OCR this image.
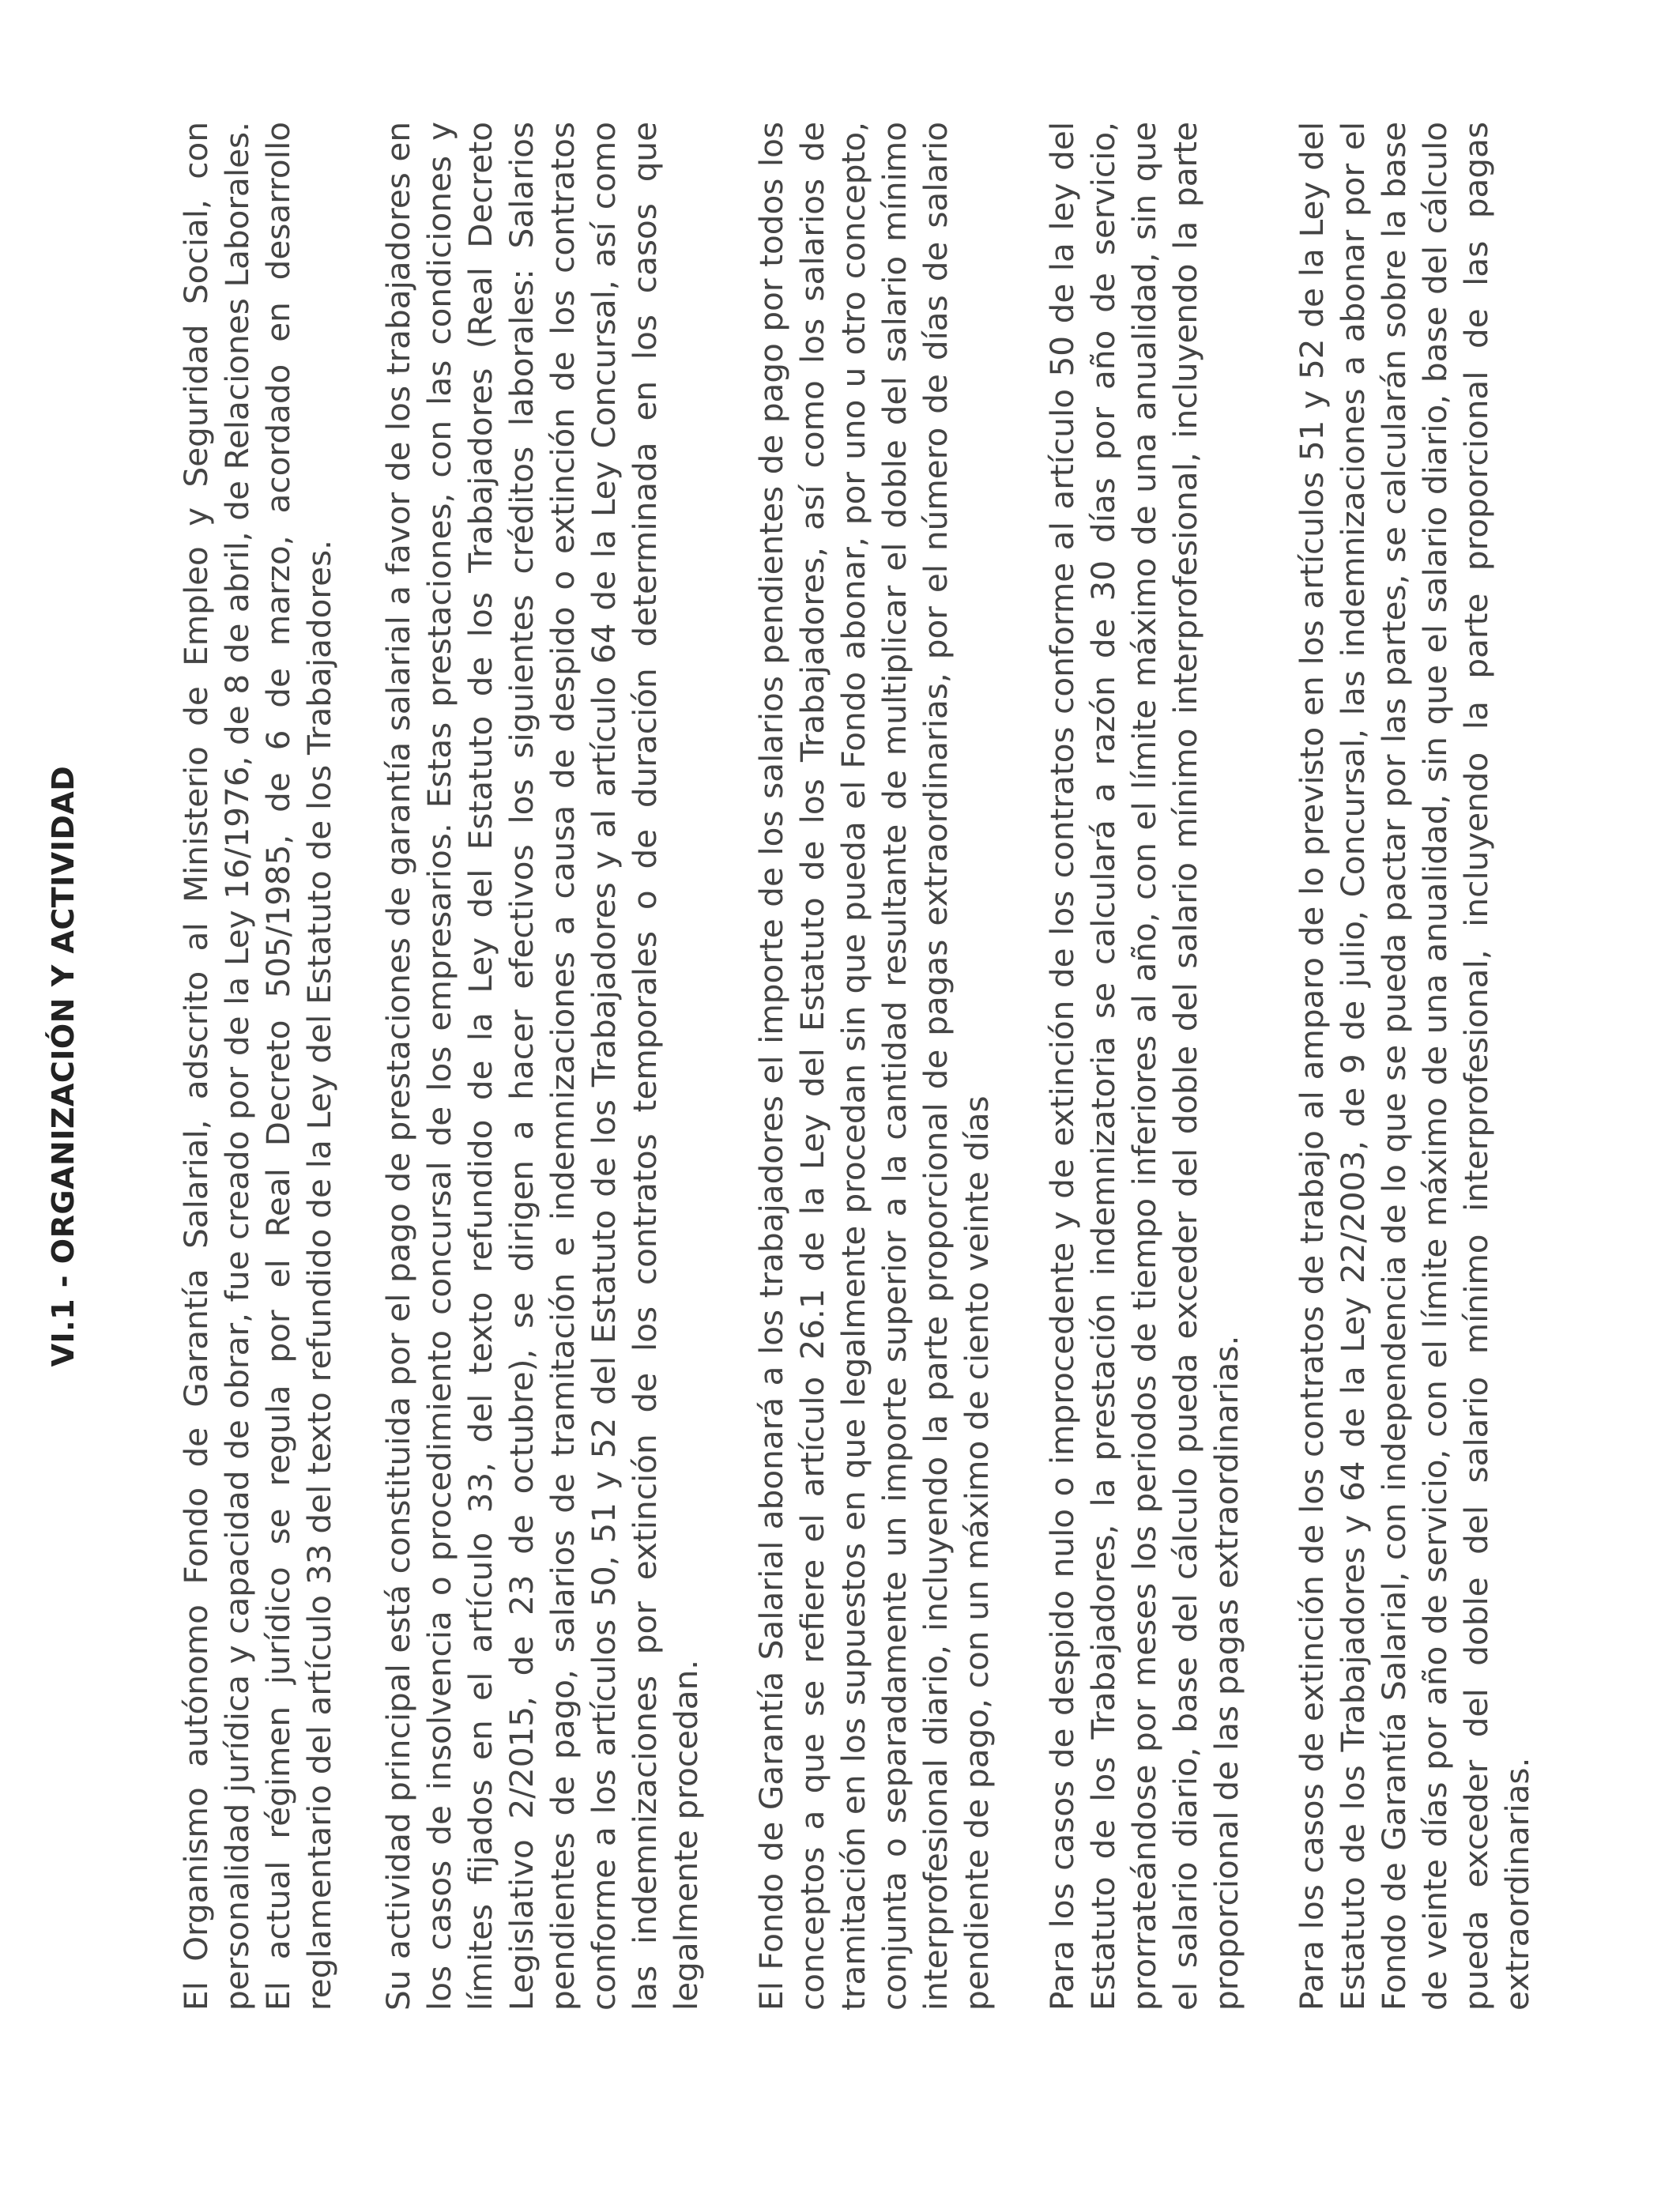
VI.1 - ORGANIZACIÓN Y ACTIVIDAD	El Organismo autónomo Fondo de Garantía Salarial, adscrito al Ministerio de Empleo y Seguridad Social, con personalidad jurídica y capacidad de obrar, fue creado por de la Ley 16/1976, de 8 de abril, de Relaciones Laborales. El actual régimen jurídico se regula por el Real Decreto 505/1985, de 6 de marzo, acordado en desarrollo reglamentario del artículo 33 del texto refundido de la Ley del Estatuto de los Trabajadores. Su actividad principal está constituida por el pago de prestaciones de garantía salarial a favor de los trabajadores en los casos de insolvencia o procedimiento concursal de los empresarios. Estas prestaciones, con las condiciones y límites fijados en el artículo 33, del texto refundido de la Ley del Estatuto de los Trabajadores (Real Decreto Legislativo 2/2015, de 23 de octubre), se dirigen a hacer efectivos los siguientes créditos laborales: Salarios pendientes de pago, salarios de tramitación e indemnizaciones a causa de despido o extinción de los contratos conforme a los artículos 50, 51 y 52 del Estatuto de los Trabajadores y al artículo 64 de la Ley Concursal, así como las indemnizaciones por extinción de los contratos temporales o de duración determinada en los casos que legalmente procedan. El Fondo de Garantía Salarial abonará a los trabajadores el importe de los salarios pendientes de pago por todos los conceptos a que se refiere el artículo 26.1 de la Ley del Estatuto de los Trabajadores, así como los salarios de tramitación en los supuestos en que legalmente procedan sin que pueda el Fondo abonar, por uno u otro concepto, conjunta o separadamente un importe superior a la cantidad resultante de multiplicar el doble del salario mínimo interprofesional diario, incluyendo la parte proporcional de pagas extraordinarias, por el número de días de salario pendiente de pago, con un máximo de ciento veinte días Para los casos de despido nulo o improcedente y de extinción de los contratos conforme al artículo 50 de la ley del Estatuto de los Trabajadores, la prestación indemnizatoria se calculará a razón de 30 días por año de servicio, prorrateándose por meses los periodos de tiempo inferiores al año, con el límite máximo de una anualidad, sin que el salario diario, base del cálculo pueda exceder del doble del salario mínimo interprofesional, incluyendo la parte proporcional de las pagas extraordinarias. Para los casos de extinción de los contratos de trabajo al amparo de lo previsto en los artículos 51 y 52 de la Ley del Estatuto de los Trabajadores y 64 de la Ley 22/2003, de 9 de julio, Concursal, las indemnizaciones a abonar por el Fondo de Garantía Salarial, con independencia de lo que se pueda pactar por las partes, se calcularán sobre la base de veinte días por año de servicio, con el límite máximo de una anualidad, sin que el salario diario, base del cálculo pueda exceder del doble del salario mínimo interprofesional, incluyendo la parte proporcional de las pagas extraordinarias.
